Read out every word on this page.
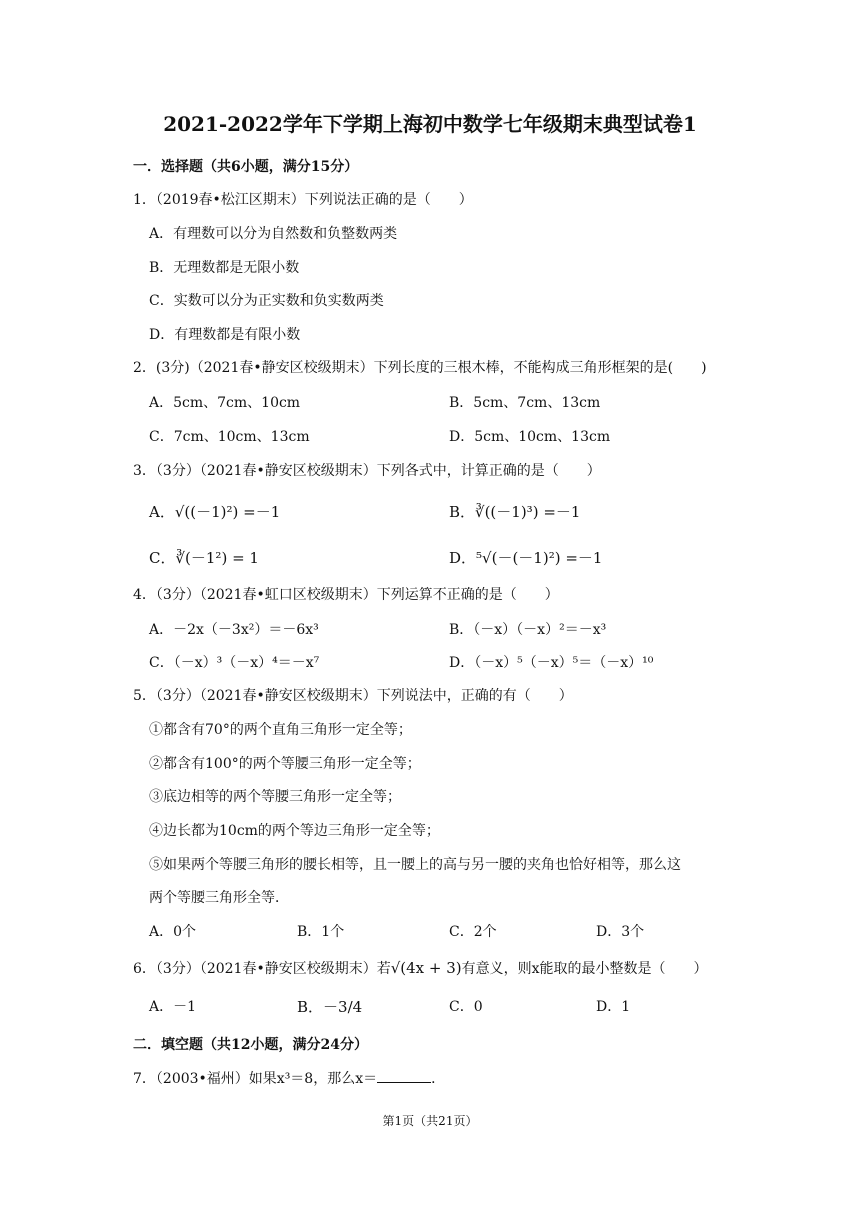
2021-2022学年下学期上海初中数学七年级期末典型试卷1
一．选择题（共6小题，满分15分）
1．（2019春•松江区期末）下列说法正确的是（　　）
A．有理数可以分为自然数和负整数两类
B．无理数都是无限小数
C．实数可以分为正实数和负实数两类
D．有理数都是有限小数
2．(3分)（2021春•静安区校级期末）下列长度的三根木棒，不能构成三角形框架的是(　　)
A．5cm、7cm、10cm	B．5cm、7cm、13cm
C．7cm、10cm、13cm	D．5cm、10cm、13cm
3．（3分）（2021春•静安区校级期末）下列各式中，计算正确的是（　　）
A．√((－1)²) =－1	B．∛((－1)³) =－1
C．∛(－1²) = 1	D．⁵√(－(－1)²) =－1
4．（3分）（2021春•虹口区校级期末）下列运算不正确的是（　　）
A．－2x（－3x²）＝－6x³	B．（－x）（－x）²＝－x³
C．（－x）³（－x）⁴＝－x⁷	D．（－x）⁵（－x）⁵＝（－x）¹⁰
5．（3分）（2021春•静安区校级期末）下列说法中，正确的有（　　）
①都含有70°的两个直角三角形一定全等；
②都含有100°的两个等腰三角形一定全等；
③底边相等的两个等腰三角形一定全等；
④边长都为10cm的两个等边三角形一定全等；
⑤如果两个等腰三角形的腰长相等，且一腰上的高与另一腰的夹角也恰好相等，那么这
两个等腰三角形全等．
A．0个	B．1个	C．2个	D．3个
6．（3分）（2021春•静安区校级期末）若√(4x + 3)有意义，则x能取的最小整数是（　　）
A．－1	B．－3/4	C．0	D．1
二．填空题（共12小题，满分24分）
7．（2003•福州）如果x³＝8，那么x＝	．
第1页（共21页）
